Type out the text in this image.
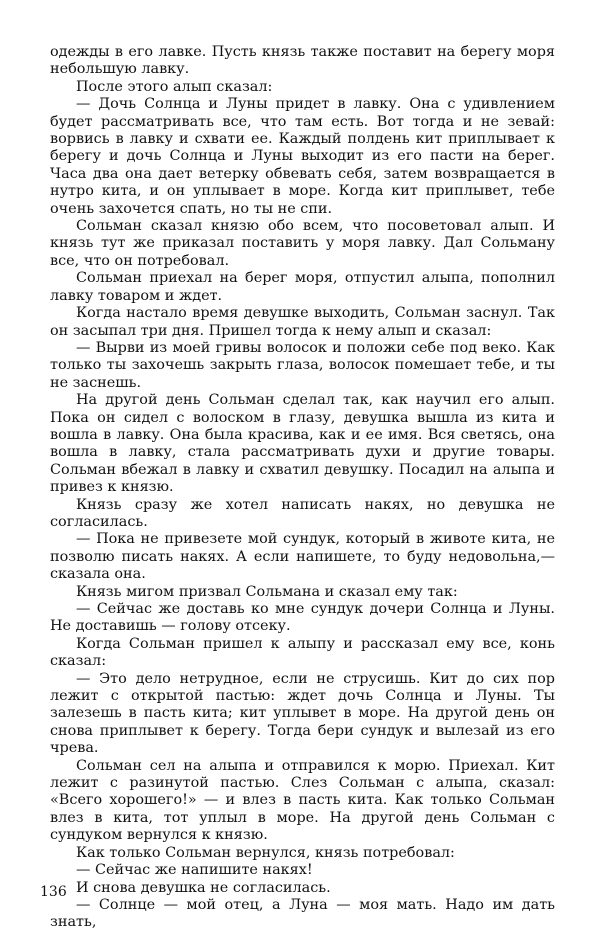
одежды в его лавке. Пусть князь также поставит на берегу моря небольшую лавку.

После этого алып сказал:

— Дочь Солнца и Луны придет в лавку. Она с удивлением будет рассматривать все, что там есть. Вот тогда и не зевай: ворвись в лавку и схвати ее. Каждый полдень кит приплывает к берегу и дочь Солнца и Луны выходит из его пасти на берег. Часа два она дает ветерку обвевать себя, затем возвращается в нутро кита, и он уплывает в море. Когда кит приплывет, тебе очень захочется спать, но ты не спи.

Сольман сказал князю обо всем, что посоветовал алып. И князь тут же приказал поставить у моря лавку. Дал Сольману все, что он потребовал.

Сольман приехал на берег моря, отпустил алыпа, пополнил лавку товаром и ждет.

Когда настало время девушке выходить, Сольман заснул. Так он засыпал три дня. Пришел тогда к нему алып и сказал:

— Вырви из моей гривы волосок и положи себе под веко. Как только ты захочешь закрыть глаза, волосок помешает тебе, и ты не заснешь.

На другой день Сольман сделал так, как научил его алып. Пока он сидел с волоском в глазу, девушка вышла из кита и вошла в лавку. Она была красива, как и ее имя. Вся светясь, она вошла в лавку, стала рассматривать духи и другие товары. Сольман вбежал в лавку и схватил девушку. Посадил на алыпа и привез к князю.

Князь сразу же хотел написать накях, но девушка не согласилась.

— Пока не привезете мой сундук, который в животе кита, не позволю писать накях. А если напишете, то буду недовольна,— сказала она.

Князь мигом призвал Сольмана и сказал ему так:

— Сейчас же доставь ко мне сундук дочери Солнца и Луны. Не доставишь — голову отсеку.

Когда Сольман пришел к алыпу и рассказал ему все, конь сказал:

— Это дело нетрудное, если не струсишь. Кит до сих пор лежит с открытой пастью: ждет дочь Солнца и Луны. Ты залезешь в пасть кита; кит уплывет в море. На другой день он снова приплывет к берегу. Тогда бери сундук и вылезай из его чрева.

Сольман сел на алыпа и отправился к морю. Приехал. Кит лежит с разинутой пастью. Слез Сольман с алыпа, сказал: «Всего хорошего!» — и влез в пасть кита. Как только Сольман влез в кита, тот уплыл в море. На другой день Сольман с сундуком вернулся к князю.

Как только Сольман вернулся, князь потребовал:

— Сейчас же напишите накях!

И снова девушка не согласилась.

— Солнце — мой отец, а Луна — моя мать. Надо им дать знать,

136
